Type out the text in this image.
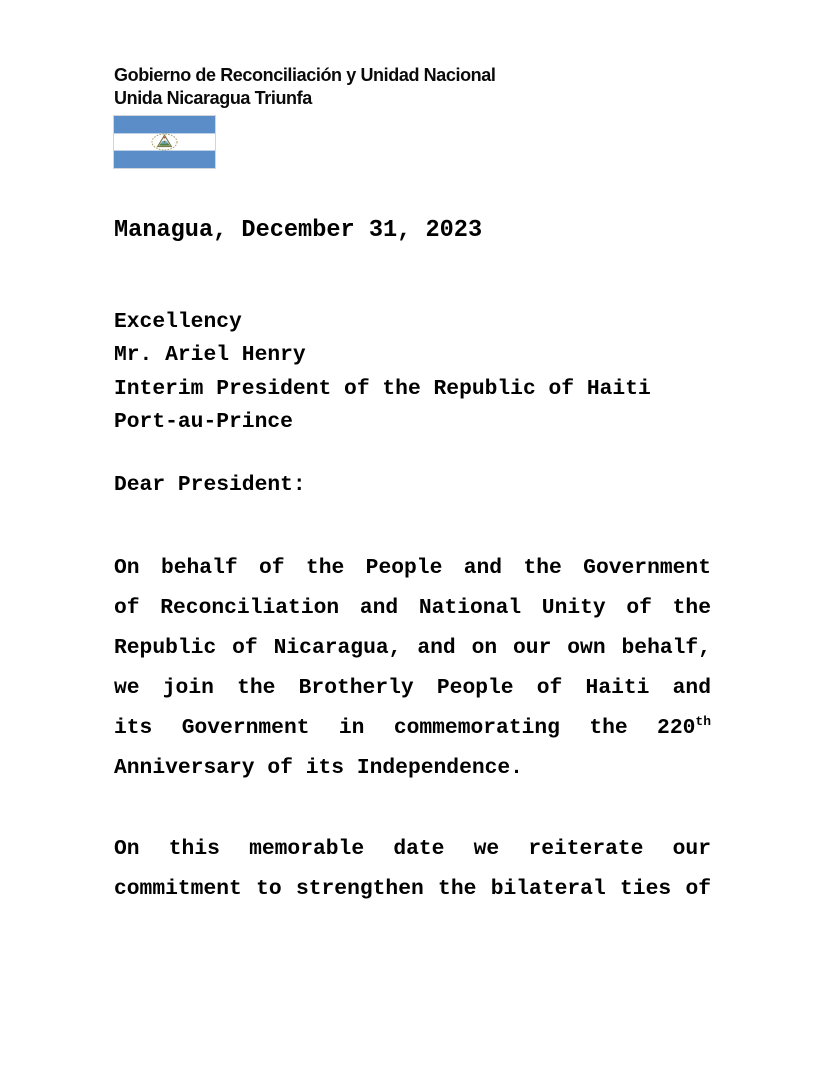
Gobierno de Reconciliación y Unidad Nacional
Unida Nicaragua Triunfa
Managua, December 31, 2023
Excellency
Mr. Ariel Henry
Interim President of the Republic of Haiti
Port-au-Prince
Dear President:
On behalf of the People and the Government
of Reconciliation and National Unity of the
Republic of Nicaragua, and on our own behalf,
we join the Brotherly People of Haiti and
its Government in commemorating the 220th
Anniversary of its Independence.
On this memorable date we reiterate our
commitment to strengthen the bilateral ties of
